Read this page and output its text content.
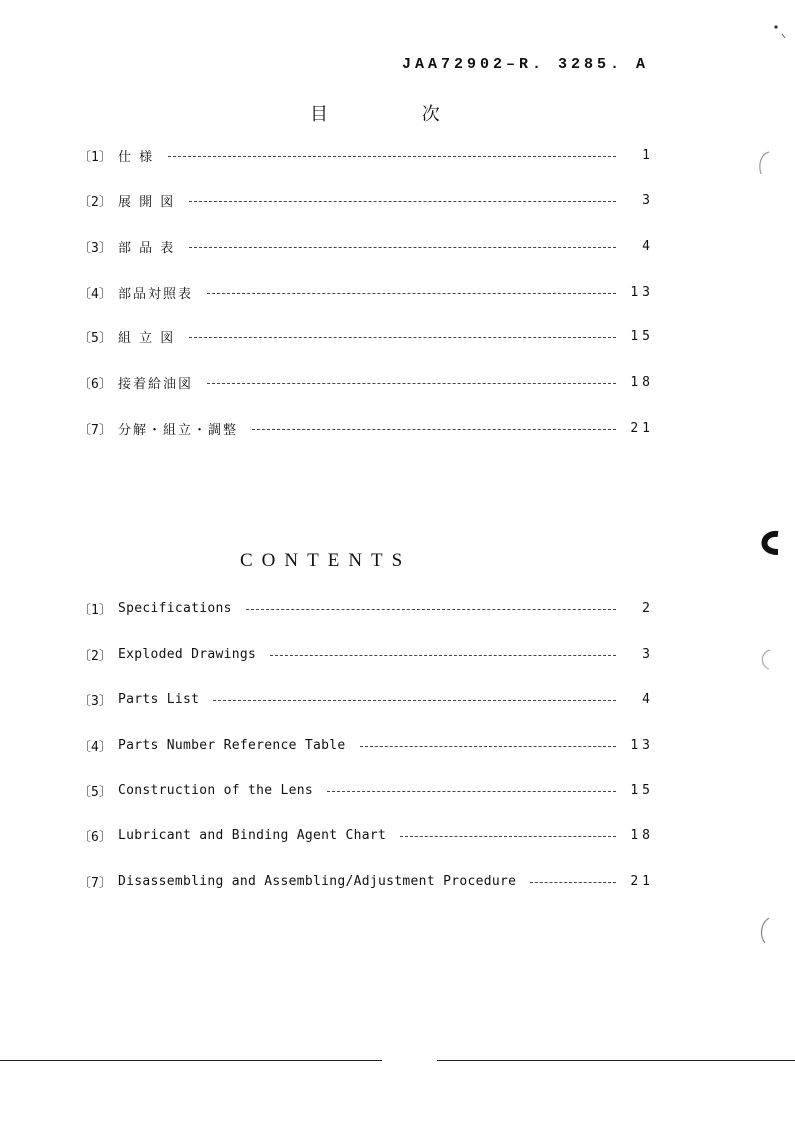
JAA72902–R. 3285. A
目 次
〔1〕 仕 様	1
〔2〕 展 開 図	3
〔3〕 部 品 表	4
〔4〕 部品対照表	13
〔5〕 組 立 図	15
〔6〕 接着給油図	18
〔7〕 分解・組立・調整	21
CONTENTS
〔1〕 Specifications	2
〔2〕 Exploded Drawings	3
〔3〕 Parts List	4
〔4〕 Parts Number Reference Table	13
〔5〕 Construction of the Lens	15
〔6〕 Lubricant and Binding Agent Chart	18
〔7〕 Disassembling and Assembling/Adjustment Procedure	21
